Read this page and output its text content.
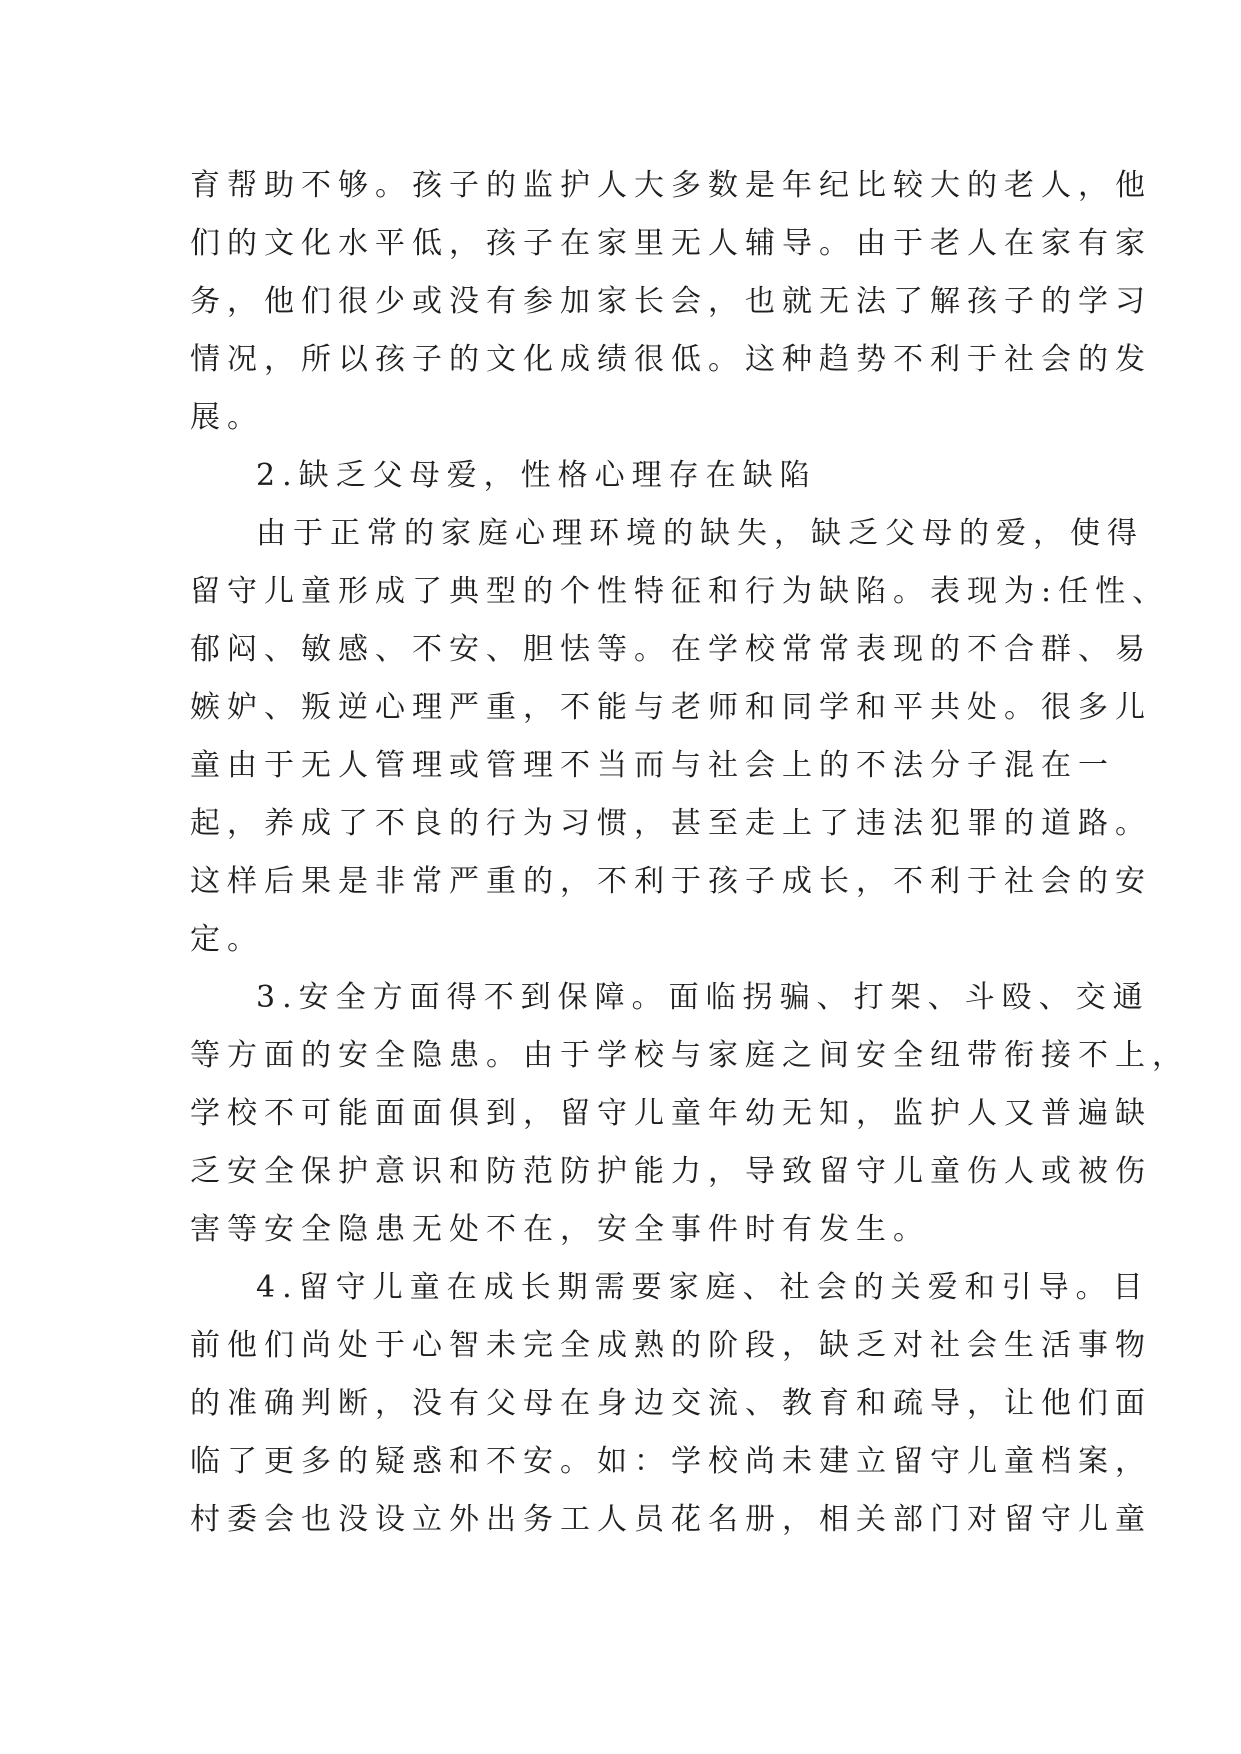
育帮助不够。孩子的监护人大多数是年纪比较大的老人，他
们的文化水平低，孩子在家里无人辅导。由于老人在家有家
务，他们很少或没有参加家长会，也就无法了解孩子的学习
情况，所以孩子的文化成绩很低。这种趋势不利于社会的发
展。
2.缺乏父母爱，性格心理存在缺陷
由于正常的家庭心理环境的缺失，缺乏父母的爱，使得
留守儿童形成了典型的个性特征和行为缺陷。表现为:任性、
郁闷、敏感、不安、胆怯等。在学校常常表现的不合群、易
嫉妒、叛逆心理严重，不能与老师和同学和平共处。很多儿
童由于无人管理或管理不当而与社会上的不法分子混在一
起，养成了不良的行为习惯，甚至走上了违法犯罪的道路。
这样后果是非常严重的，不利于孩子成长，不利于社会的安
定。
3.安全方面得不到保障。面临拐骗、打架、斗殴、交通
等方面的安全隐患。由于学校与家庭之间安全纽带衔接不上，
学校不可能面面俱到，留守儿童年幼无知，监护人又普遍缺
乏安全保护意识和防范防护能力，导致留守儿童伤人或被伤
害等安全隐患无处不在，安全事件时有发生。
4.留守儿童在成长期需要家庭、社会的关爱和引导。目
前他们尚处于心智未完全成熟的阶段，缺乏对社会生活事物
的准确判断，没有父母在身边交流、教育和疏导，让他们面
临了更多的疑惑和不安。如：学校尚未建立留守儿童档案，
村委会也没设立外出务工人员花名册，相关部门对留守儿童
